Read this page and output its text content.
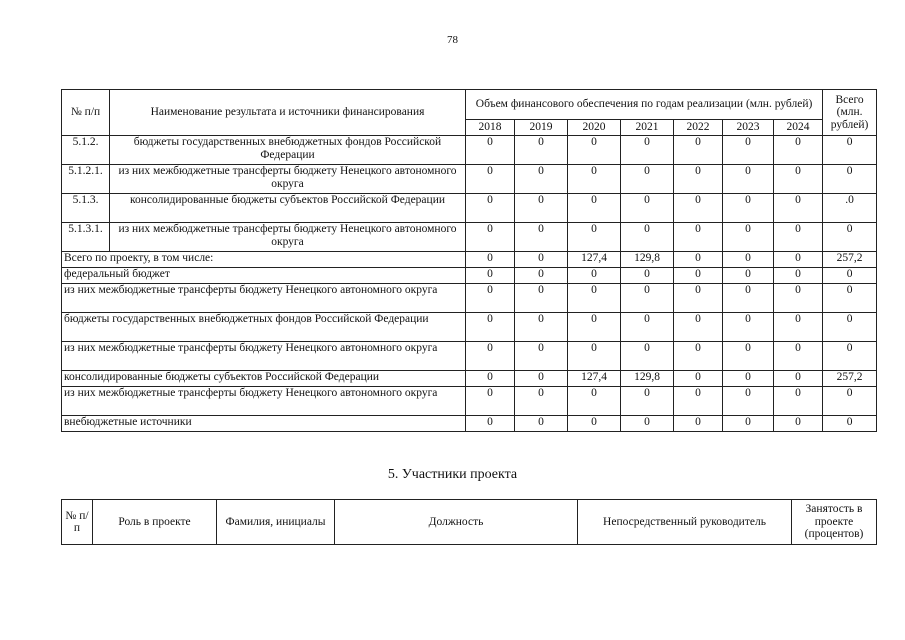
78
№ п/п	Наименование результата и источники финансирования	Объем финансового обеспечения по годам реализации (млн. рублей)							Всего (млн. рублей)
		2018	2019	2020	2021	2022	2023	2024	
5.1.2.	бюджеты государственных внебюджетных фондов Российской Федерации	0	0	0	0	0	0	0	0
5.1.2.1.	из них межбюджетные трансферты бюджету Ненецкого автономного округа	0	0	0	0	0	0	0	0
5.1.3.	консолидированные бюджеты субъектов Российской Федерации	0	0	0	0	0	0	0	.0
5.1.3.1.	из них межбюджетные трансферты бюджету Ненецкого автономного округа	0	0	0	0	0	0	0	0
Всего по проекту, в том числе:		0	0	127,4	129,8	0	0	0	257,2
федеральный бюджет		0	0	0	0	0	0	0	0
из них межбюджетные трансферты бюджету Ненецкого автономного округа		0	0	0	0	0	0	0	0
бюджеты государственных внебюджетных фондов Российской Федерации		0	0	0	0	0	0	0	0
из них межбюджетные трансферты бюджету Ненецкого автономного округа		0	0	0	0	0	0	0	0
консолидированные бюджеты субъектов Российской Федерации		0	0	127,4	129,8	0	0	0	257,2
из них межбюджетные трансферты бюджету Ненецкого автономного округа		0	0	0	0	0	0	0	0
внебюджетные источники		0	0	0	0	0	0	0	0
5. Участники проекта
№ п/п	Роль в проекте	Фамилия, инициалы	Должность	Непосредственный руководитель	Занятость в проекте (процентов)
